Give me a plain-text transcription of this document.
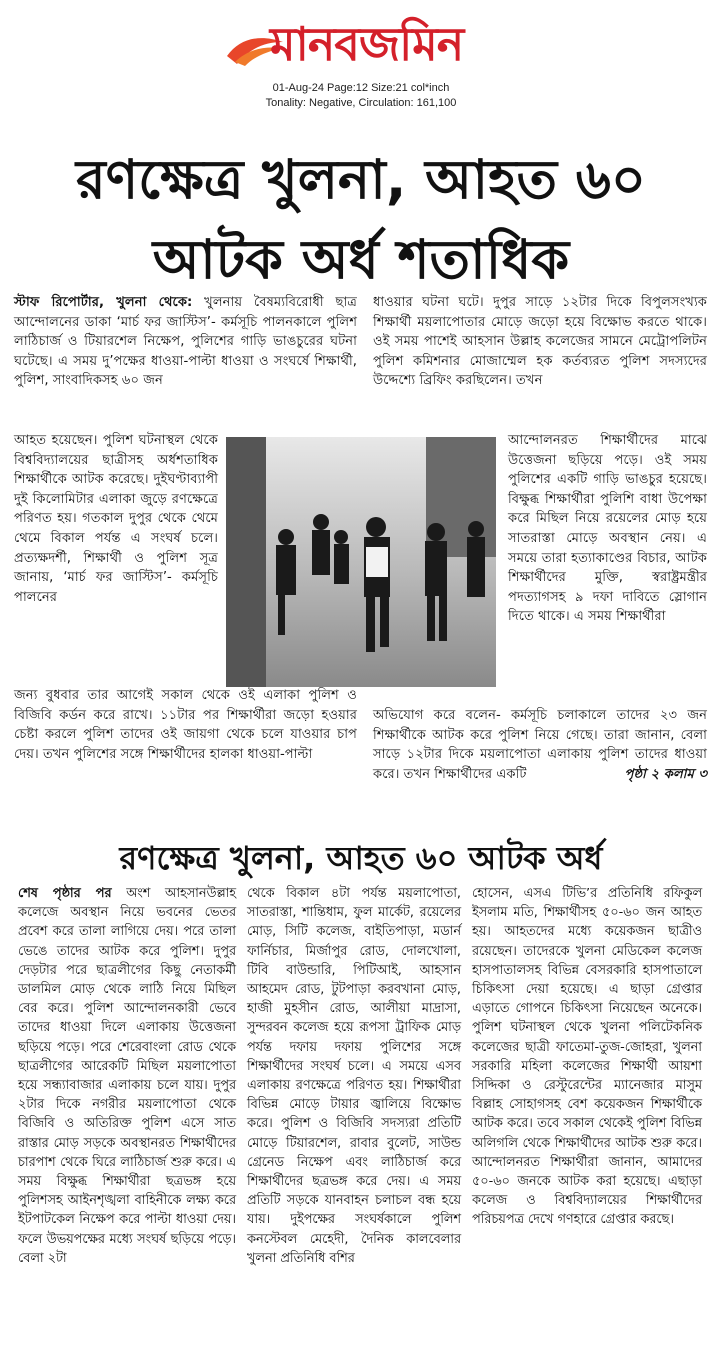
মানবজমিন
01-Aug-24 Page:12 Size:21 col*inch
Tonality: Negative, Circulation: 161,100
রণক্ষেত্র খুলনা, আহত ৬০
আটক অর্ধ শতাধিক
স্টাফ রিপোর্টার, খুলনা থেকে: খুলনায় বৈষম্যবিরোধী ছাত্র আন্দোলনের ডাকা ‘মার্চ ফর জাস্টিস’- কর্মসূচি পালনকালে পুলিশ লাঠিচার্জ ও টিয়ারশেল নিক্ষেপ, পুলিশের গাড়ি ভাঙচুরের ঘটনা ঘটেছে। এ সময় দু’পক্ষের ধাওয়া-পাল্টা ধাওয়া ও সংঘর্ষে শিক্ষার্থী, পুলিশ, সাংবাদিকসহ ৬০ জন
আহত হয়েছেন। পুলিশ ঘটনাস্থল থেকে বিশ্ববিদ্যালয়ের ছাত্রীসহ অর্ধশতাধিক শিক্ষার্থীকে আটক করেছে। দুইঘণ্টাব্যাপী দুই কিলোমিটার এলাকা জুড়ে রণক্ষেত্রে পরিণত হয়। গতকাল দুপুর থেকে থেমে থেমে বিকাল পর্যন্ত এ সংঘর্ষ চলে। প্রত্যক্ষদর্শী, শিক্ষার্থী ও পুলিশ সূত্র জানায়, ‘মার্চ ফর জাস্টিস’- কর্মসূচি পালনের
জন্য বুধবার তার আগেই সকাল থেকে ওই এলাকা পুলিশ ও বিজিবি কর্ডন করে রাখে। ১১টার পর শিক্ষার্থীরা জড়ো হওয়ার চেষ্টা করলে পুলিশ তাদের ওই জায়গা থেকে চলে যাওয়ার চাপ দেয়। তখন পুলিশের সঙ্গে শিক্ষার্থীদের হালকা ধাওয়া-পাল্টা
ধাওয়ার ঘটনা ঘটে। দুপুর সাড়ে ১২টার দিকে বিপুলসংখ্যক শিক্ষার্থী ময়লাপোতার মোড়ে জড়ো হয়ে বিক্ষোভ করতে থাকে। ওই সময় পাশেই আহসান উল্লাহ কলেজের সামনে মেট্রোপলিটন পুলিশ কমিশনার মোজাম্মেল হক কর্তব্যরত পুলিশ সদস্যদের উদ্দেশ্যে ব্রিফিং করছিলেন। তখন
আন্দোলনরত শিক্ষার্থীদের মাঝে উত্তেজনা ছড়িয়ে পড়ে। ওই সময় পুলিশের একটি গাড়ি ভাঙচুর হয়েছে। বিক্ষুব্ধ শিক্ষার্থীরা পুলিশি বাধা উপেক্ষা করে মিছিল নিয়ে রয়েলের মোড় হয়ে সাতরাস্তা মোড়ে অবস্থান নেয়। এ সময়ে তারা হত্যাকাণ্ডের বিচার, আটক শিক্ষার্থীদের মুক্তি, স্বরাষ্ট্রমন্ত্রীর পদত্যাগসহ ৯ দফা দাবিতে স্লোগান দিতে থাকে। এ সময় শিক্ষার্থীরা
অভিযোগ করে বলেন- কর্মসূচি চলাকালে তাদের ২৩ জন শিক্ষার্থীকে আটক করে পুলিশ নিয়ে গেছে। তারা জানান, বেলা সাড়ে ১২টার দিকে ময়লাপোতা এলাকায় পুলিশ তাদের ধাওয়া করে। তখন শিক্ষার্থীদের একটি	পৃষ্ঠা ২ কলাম ৩
রণক্ষেত্র খুলনা, আহত ৬০ আটক অর্ধ
শেষ পৃষ্ঠার পর অংশ আহসানউল্লাহ কলেজে অবস্থান নিয়ে ভবনের ভেতর প্রবেশ করে তালা লাগিয়ে দেয়। পরে তালা ভেঙে তাদের আটক করে পুলিশ। দুপুর দেড়টার পরে ছাত্রলীগের কিছু নেতাকর্মী ডালমিল মোড় থেকে লাঠি নিয়ে মিছিল বের করে। পুলিশ আন্দোলনকারী ভেবে তাদের ধাওয়া দিলে এলাকায় উত্তেজনা ছড়িয়ে পড়ে। পরে শেরেবাংলা রোড থেকে ছাত্রলীগের আরেকটি মিছিল ময়লাপোতা হয়ে সন্ধ্যাবাজার এলাকায় চলে যায়। দুপুর ২টার দিকে নগরীর ময়লাপোতা থেকে বিজিবি ও অতিরিক্ত পুলিশ এসে সাত রাস্তার মোড় সড়কে অবস্থানরত শিক্ষার্থীদের চারপাশ থেকে ঘিরে লাঠিচার্জ শুরু করে। এ সময় বিক্ষুব্ধ শিক্ষার্থীরা ছত্রভঙ্গ হয়ে পুলিশসহ আইনশৃঙ্খলা বাহিনীকে লক্ষ্য করে ইটপাটকেল নিক্ষেপ করে পাল্টা ধাওয়া দেয়। ফলে উভয়পক্ষের মধ্যে সংঘর্ষ ছড়িয়ে পড়ে। বেলা ২টা
থেকে বিকাল ৪টা পর্যন্ত ময়লাপোতা, সাতরাস্তা, শান্তিধাম, ফুল মার্কেট, রয়েলের মোড়, সিটি কলেজ, বাইতিপাড়া, মডার্ন ফার্নিচার, মির্জাপুর রোড, দোলখোলা, টিবি বাউন্ডারি, পিটিআই, আহসান আহমেদ রোড, টুটপাড়া করবখানা মোড়, হাজী মুহসীন রোড, আলীয়া মাদ্রাসা, সুন্দরবন কলেজ হয়ে রূপসা ট্রাফিক মোড় পর্যন্ত দফায় দফায় পুলিশের সঙ্গে শিক্ষার্থীদের সংঘর্ষ চলে। এ সময়ে এসব এলাকায় রণক্ষেত্রে পরিণত হয়। শিক্ষার্থীরা বিভিন্ন মোড়ে টায়ার জ্বালিয়ে বিক্ষোভ করে। পুলিশ ও বিজিবি সদস্যরা প্রতিটি মোড়ে টিয়ারশেল, রাবার বুলেট, সাউন্ড গ্রেনেড নিক্ষেপ এবং লাঠিচার্জ করে শিক্ষার্থীদের ছত্রভঙ্গ করে দেয়। এ সময় প্রতিটি সড়কে যানবাহন চলাচল বন্ধ হয়ে যায়। দুইপক্ষের সংঘর্ষকালে পুলিশ কনস্টেবল মেহেদী, দৈনিক কালবেলার খুলনা প্রতিনিধি বশির
হোসেন, এসএ টিভি’র প্রতিনিধি রফিকুল ইসলাম মতি, শিক্ষার্থীসহ ৫০-৬০ জন আহত হয়। আহতদের মধ্যে কয়েকজন ছাত্রীও রয়েছেন। তাদেরকে খুলনা মেডিকেল কলেজ হাসপাতালসহ বিভিন্ন বেসরকারি হাসপাতালে চিকিৎসা দেয়া হয়েছে। এ ছাড়া গ্রেপ্তার এড়াতে গোপনে চিকিৎসা নিয়েছেন অনেকে। পুলিশ ঘটনাস্থল থেকে খুলনা পলিটেকনিক কলেজের ছাত্রী ফাতেমা-তুজ-জোহরা, খুলনা সরকারি মহিলা কলেজের শিক্ষার্থী আয়শা সিদ্দিকা ও রেস্টুরেন্টের ম্যানেজার মাসুম বিল্লাহ সোহাগসহ বেশ কয়েকজন শিক্ষার্থীকে আটক করে। তবে সকাল থেকেই পুলিশ বিভিন্ন অলিগলি থেকে শিক্ষার্থীদের আটক শুরু করে। আন্দোলনরত শিক্ষার্থীরা জানান, আমাদের ৫০-৬০ জনকে আটক করা হয়েছে। এছাড়া কলেজ ও বিশ্ববিদ্যালয়ের শিক্ষার্থীদের পরিচয়পত্র দেখে গণহারে গ্রেপ্তার করছে।
